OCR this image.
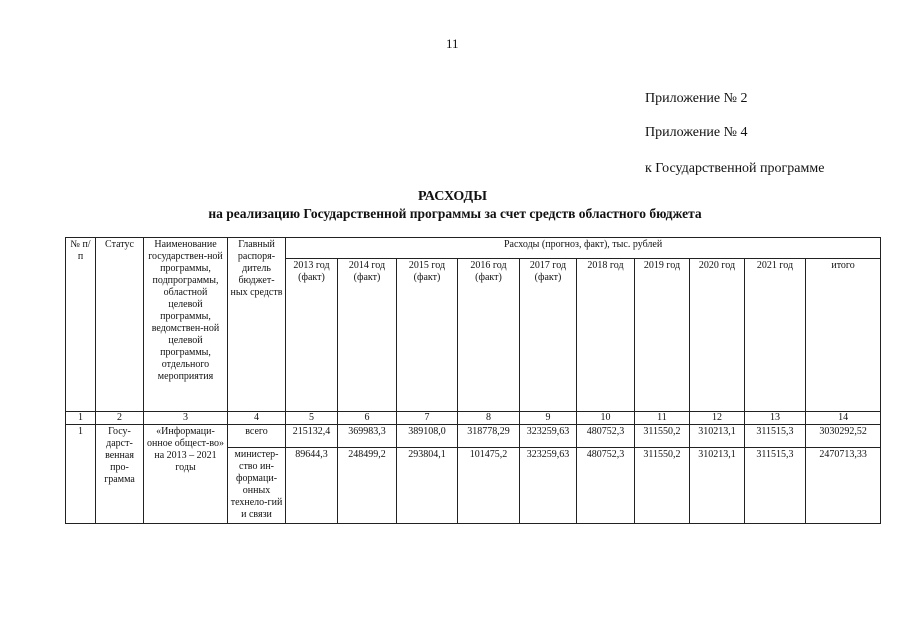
11
Приложение № 2
Приложение № 4
к Государственной программе
РАСХОДЫ
на реализацию Государственной программы за счет средств областного бюджета
№ п/п	Статус	Наименование государствен-ной программы, подпрограммы, областной целевой программы, ведомствен-ной целевой программы, отдельного мероприятия	Главный распоря-дитель бюджет-ных средств	Расходы (прогноз, факт), тыс. рублей									
				2013 год (факт)	2014 год (факт)	2015 год (факт)	2016 год (факт)	2017 год (факт)	2018 год	2019 год	2020 год	2021 год	итого
1	2	3	4	5	6	7	8	9	10	11	12	13	14
1	Госу-дарст-венная про-грамма	«Информаци-онное общест-во» на 2013 – 2021 годы	всего	215132,4	369983,3	389108,0	318778,29	323259,63	480752,3	311550,2	310213,1	311515,3	3030292,52
			министер-ство ин-формаци-онных технело-гий и связи	89644,3	248499,2	293804,1	101475,2	323259,63	480752,3	311550,2	310213,1	311515,3	2470713,33
